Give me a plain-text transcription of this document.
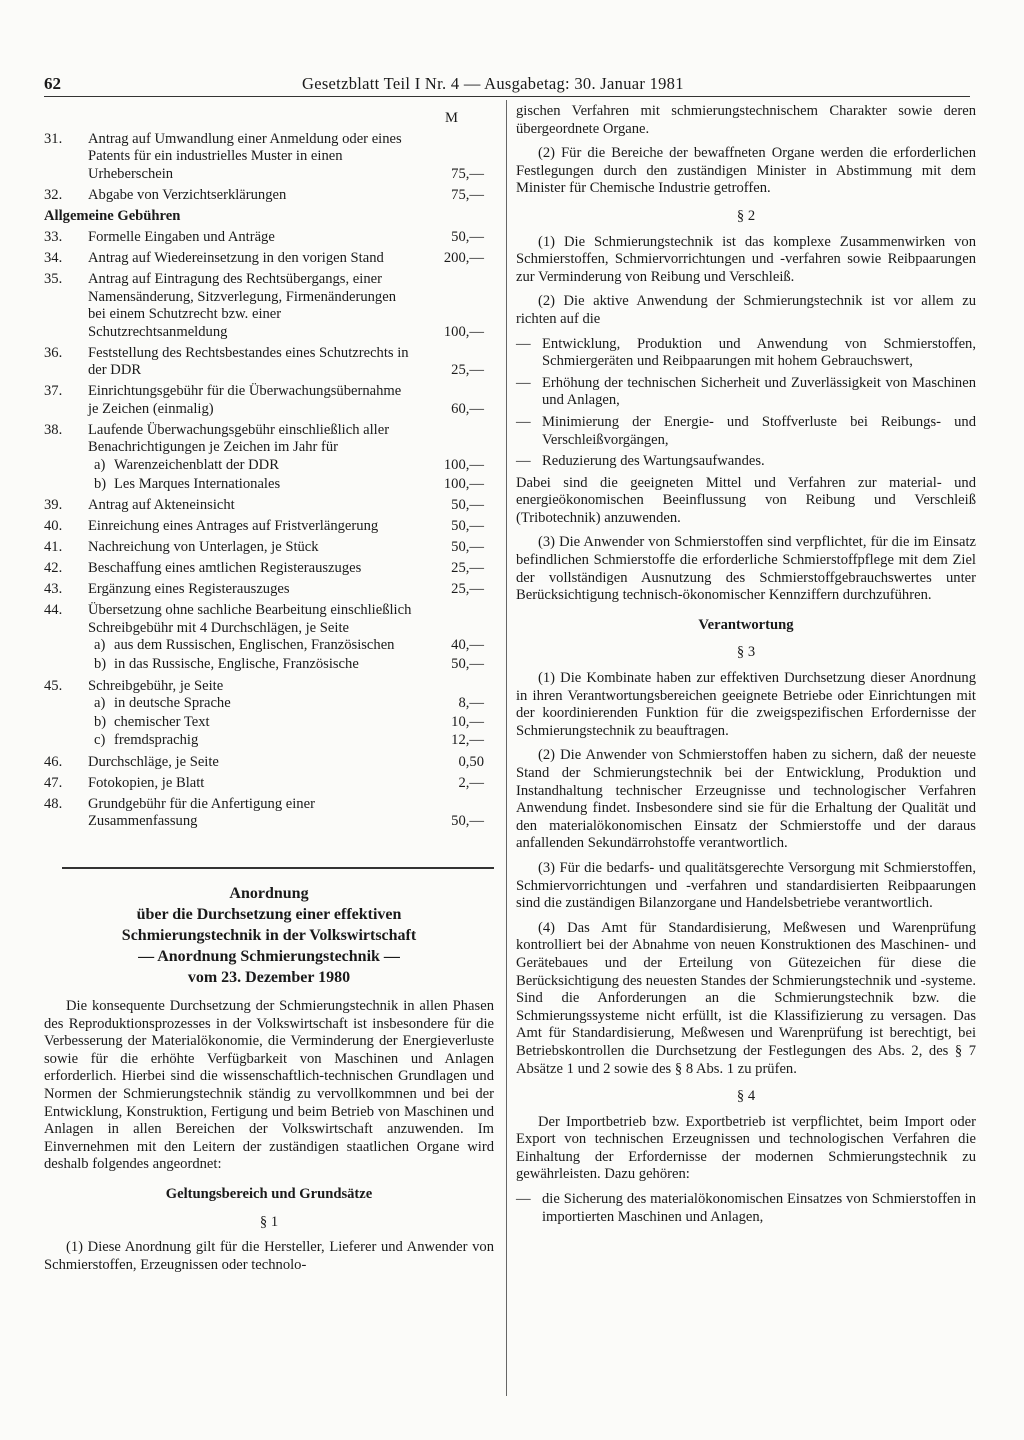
62	Gesetzblatt Teil I Nr. 4 — Ausgabetag: 30. Januar 1981
M
31.	Antrag auf Umwandlung einer Anmeldung oder eines Patents für ein industrielles Muster in einen Urheberschein	75,—
32.	Abgabe von Verzichtserklärungen	75,—
Allgemeine Gebühren
33.	Formelle Eingaben und Anträge	50,—
34.	Antrag auf Wiedereinsetzung in den vorigen Stand	200,—
35.	Antrag auf Eintragung des Rechtsübergangs, einer Namensänderung, Sitzverlegung, Firmenänderungen bei einem Schutzrecht bzw. einer Schutzrechtsanmeldung	100,—
36.	Feststellung des Rechtsbestandes eines Schutzrechts in der DDR	25,—
37.	Einrichtungsgebühr für die Überwachungsübernahme je Zeichen (einmalig)	60,—
38.	Laufende Überwachungsgebühr einschließlich aller Benachrichtigungen je Zeichen im Jahr für
a) Warenzeichenblatt der DDR	100,—
b) Les Marques Internationales	100,—
39.	Antrag auf Akteneinsicht	50,—
40.	Einreichung eines Antrages auf Fristverlängerung	50,—
41.	Nachreichung von Unterlagen, je Stück	50,—
42.	Beschaffung eines amtlichen Registerauszuges	25,—
43.	Ergänzung eines Registerauszuges	25,—
44.	Übersetzung ohne sachliche Bearbeitung einschließlich Schreibgebühr mit 4 Durchschlägen, je Seite
a) aus dem Russischen, Englischen, Französischen	40,—
b) in das Russische, Englische, Französische	50,—
45.	Schreibgebühr, je Seite
a) in deutsche Sprache	8,—
b) chemischer Text	10,—
c) fremdsprachig	12,—
46.	Durchschläge, je Seite	0,50
47.	Fotokopien, je Blatt	2,—
48.	Grundgebühr für die Anfertigung einer Zusammenfassung	50,—
Anordnung
über die Durchsetzung einer effektiven
Schmierungstechnik in der Volkswirtschaft
— Anordnung Schmierungstechnik —
vom 23. Dezember 1980

Die konsequente Durchsetzung der Schmierungstechnik in allen Phasen des Reproduktionsprozesses in der Volkswirtschaft ist insbesondere für die Verbesserung der Materialökonomie, die Verminderung der Energieverluste sowie für die erhöhte Verfügbarkeit von Maschinen und Anlagen erforderlich. Hierbei sind die wissenschaftlich-technischen Grundlagen und Normen der Schmierungstechnik ständig zu vervollkommnen und bei der Entwicklung, Konstruktion, Fertigung und beim Betrieb von Maschinen und Anlagen in allen Bereichen der Volkswirtschaft anzuwenden. Im Einvernehmen mit den Leitern der zuständigen staatlichen Organe wird deshalb folgendes angeordnet:

Geltungsbereich und Grundsätze
§ 1

(1) Diese Anordnung gilt für die Hersteller, Lieferer und Anwender von Schmierstoffen, Erzeugnissen oder technolo-

gischen Verfahren mit schmierungstechnischem Charakter sowie deren übergeordnete Organe.

(2) Für die Bereiche der bewaffneten Organe werden die erforderlichen Festlegungen durch den zuständigen Minister in Abstimmung mit dem Minister für Chemische Industrie getroffen.

§ 2

(1) Die Schmierungstechnik ist das komplexe Zusammenwirken von Schmierstoffen, Schmiervorrichtungen und -verfahren sowie Reibpaarungen zur Verminderung von Reibung und Verschleiß.

(2) Die aktive Anwendung der Schmierungstechnik ist vor allem zu richten auf die

— Entwicklung, Produktion und Anwendung von Schmierstoffen, Schmiergeräten und Reibpaarungen mit hohem Gebrauchswert,
— Erhöhung der technischen Sicherheit und Zuverlässigkeit von Maschinen und Anlagen,
— Minimierung der Energie- und Stoffverluste bei Reibungs- und Verschleißvorgängen,
— Reduzierung des Wartungsaufwandes.

Dabei sind die geeigneten Mittel und Verfahren zur material- und energieökonomischen Beeinflussung von Reibung und Verschleiß (Tribotechnik) anzuwenden.

(3) Die Anwender von Schmierstoffen sind verpflichtet, für die im Einsatz befindlichen Schmierstoffe die erforderliche Schmierstoffpflege mit dem Ziel der vollständigen Ausnutzung des Schmierstoffgebrauchswertes unter Berücksichtigung technisch-ökonomischer Kennziffern durchzuführen.

Verantwortung
§ 3

(1) Die Kombinate haben zur effektiven Durchsetzung dieser Anordnung in ihren Verantwortungsbereichen geeignete Betriebe oder Einrichtungen mit der koordinierenden Funktion für die zweigspezifischen Erfordernisse der Schmierungstechnik zu beauftragen.

(2) Die Anwender von Schmierstoffen haben zu sichern, daß der neueste Stand der Schmierungstechnik bei der Entwicklung, Produktion und Instandhaltung technischer Erzeugnisse und technologischer Verfahren Anwendung findet. Insbesondere sind sie für die Erhaltung der Qualität und den materialökonomischen Einsatz der Schmierstoffe und der daraus anfallenden Sekundärrohstoffe verantwortlich.

(3) Für die bedarfs- und qualitätsgerechte Versorgung mit Schmierstoffen, Schmiervorrichtungen und -verfahren und standardisierten Reibpaarungen sind die zuständigen Bilanzorgane und Handelsbetriebe verantwortlich.

(4) Das Amt für Standardisierung, Meßwesen und Warenprüfung kontrolliert bei der Abnahme von neuen Konstruktionen des Maschinen- und Gerätebaues und der Erteilung von Gütezeichen für diese die Berücksichtigung des neuesten Standes der Schmierungstechnik und -systeme. Sind die Anforderungen an die Schmierungstechnik bzw. die Schmierungssysteme nicht erfüllt, ist die Klassifizierung zu versagen. Das Amt für Standardisierung, Meßwesen und Warenprüfung ist berechtigt, bei Betriebskontrollen die Durchsetzung der Festlegungen des Abs. 2, des § 7 Absätze 1 und 2 sowie des § 8 Abs. 1 zu prüfen.

§ 4

Der Importbetrieb bzw. Exportbetrieb ist verpflichtet, beim Import oder Export von technischen Erzeugnissen und technologischen Verfahren die Einhaltung der Erfordernisse der modernen Schmierungstechnik zu gewährleisten. Dazu gehören:

— die Sicherung des materialökonomischen Einsatzes von Schmierstoffen in importierten Maschinen und Anlagen,
